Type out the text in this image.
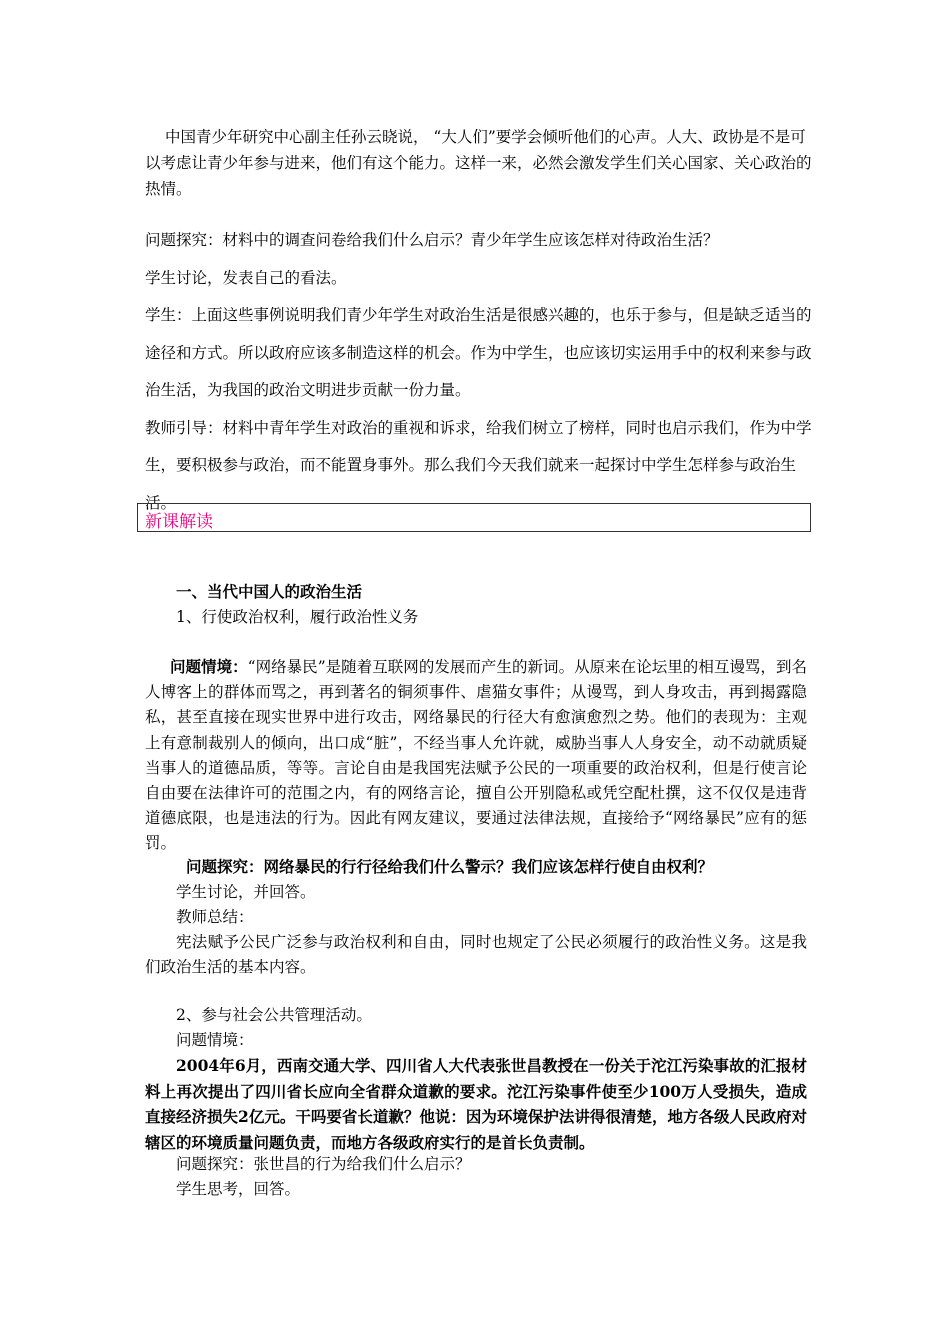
中国青少年研究中心副主任孙云晓说， “大人们”要学会倾听他们的心声。人大、政协是不是可以考虑让青少年参与进来，他们有这个能力。这样一来，必然会激发学生们关心国家、关心政治的热情。

问题探究：材料中的调查问卷给我们什么启示？青少年学生应该怎样对待政治生活？
学生讨论，发表自己的看法。
学生：上面这些事例说明我们青少年学生对政治生活是很感兴趣的，也乐于参与，但是缺乏适当的途径和方式。所以政府应该多制造这样的机会。作为中学生，也应该切实运用手中的权利来参与政治生活，为我国的政治文明进步贡献一份力量。
教师引导：材料中青年学生对政治的重视和诉求，给我们树立了榜样，同时也启示我们，作为中学生，要积极参与政治，而不能置身事外。那么我们今天我们就来一起探讨中学生怎样参与政治生活。
新课解读
一、当代中国人的政治生活
1、行使政治权利，履行政治性义务

问题情境：“网络暴民”是随着互联网的发展而产生的新词。从原来在论坛里的相互谩骂，到名人博客上的群体而骂之，再到著名的铜须事件、虐猫女事件；从谩骂，到人身攻击，再到揭露隐私，甚至直接在现实世界中进行攻击，网络暴民的行径大有愈演愈烈之势。他们的表现为：主观上有意制裁别人的倾向，出口成“脏”，不经当事人允许就，威胁当事人人身安全，动不动就质疑当事人的道德品质，等等。言论自由是我国宪法赋予公民的一项重要的政治权利，但是行使言论自由要在法律许可的范围之内，有的网络言论，擅自公开别隐私或凭空配杜撰，这不仅仅是违背道德底限，也是违法的行为。因此有网友建议，要通过法律法规，直接给予“网络暴民”应有的惩罚。

问题探究：网络暴民的行行径给我们什么警示？我们应该怎样行使自由权利？
学生讨论，并回答。
教师总结：

宪法赋予公民广泛参与政治权利和自由，同时也规定了公民必须履行的政治性义务。这是我们政治生活的基本内容。

2、参与社会公共管理活动。
问题情境：

2004年6月，西南交通大学、四川省人大代表张世昌教授在一份关于沱江污染事故的汇报材料上再次提出了四川省长应向全省群众道歉的要求。沱江污染事件使至少100万人受损失，造成直接经济损失2亿元。干吗要省长道歉？他说：因为环境保护法讲得很清楚，地方各级人民政府对辖区的环境质量问题负责，而地方各级政府实行的是首长负责制。

问题探究：张世昌的行为给我们什么启示？
学生思考，回答。
